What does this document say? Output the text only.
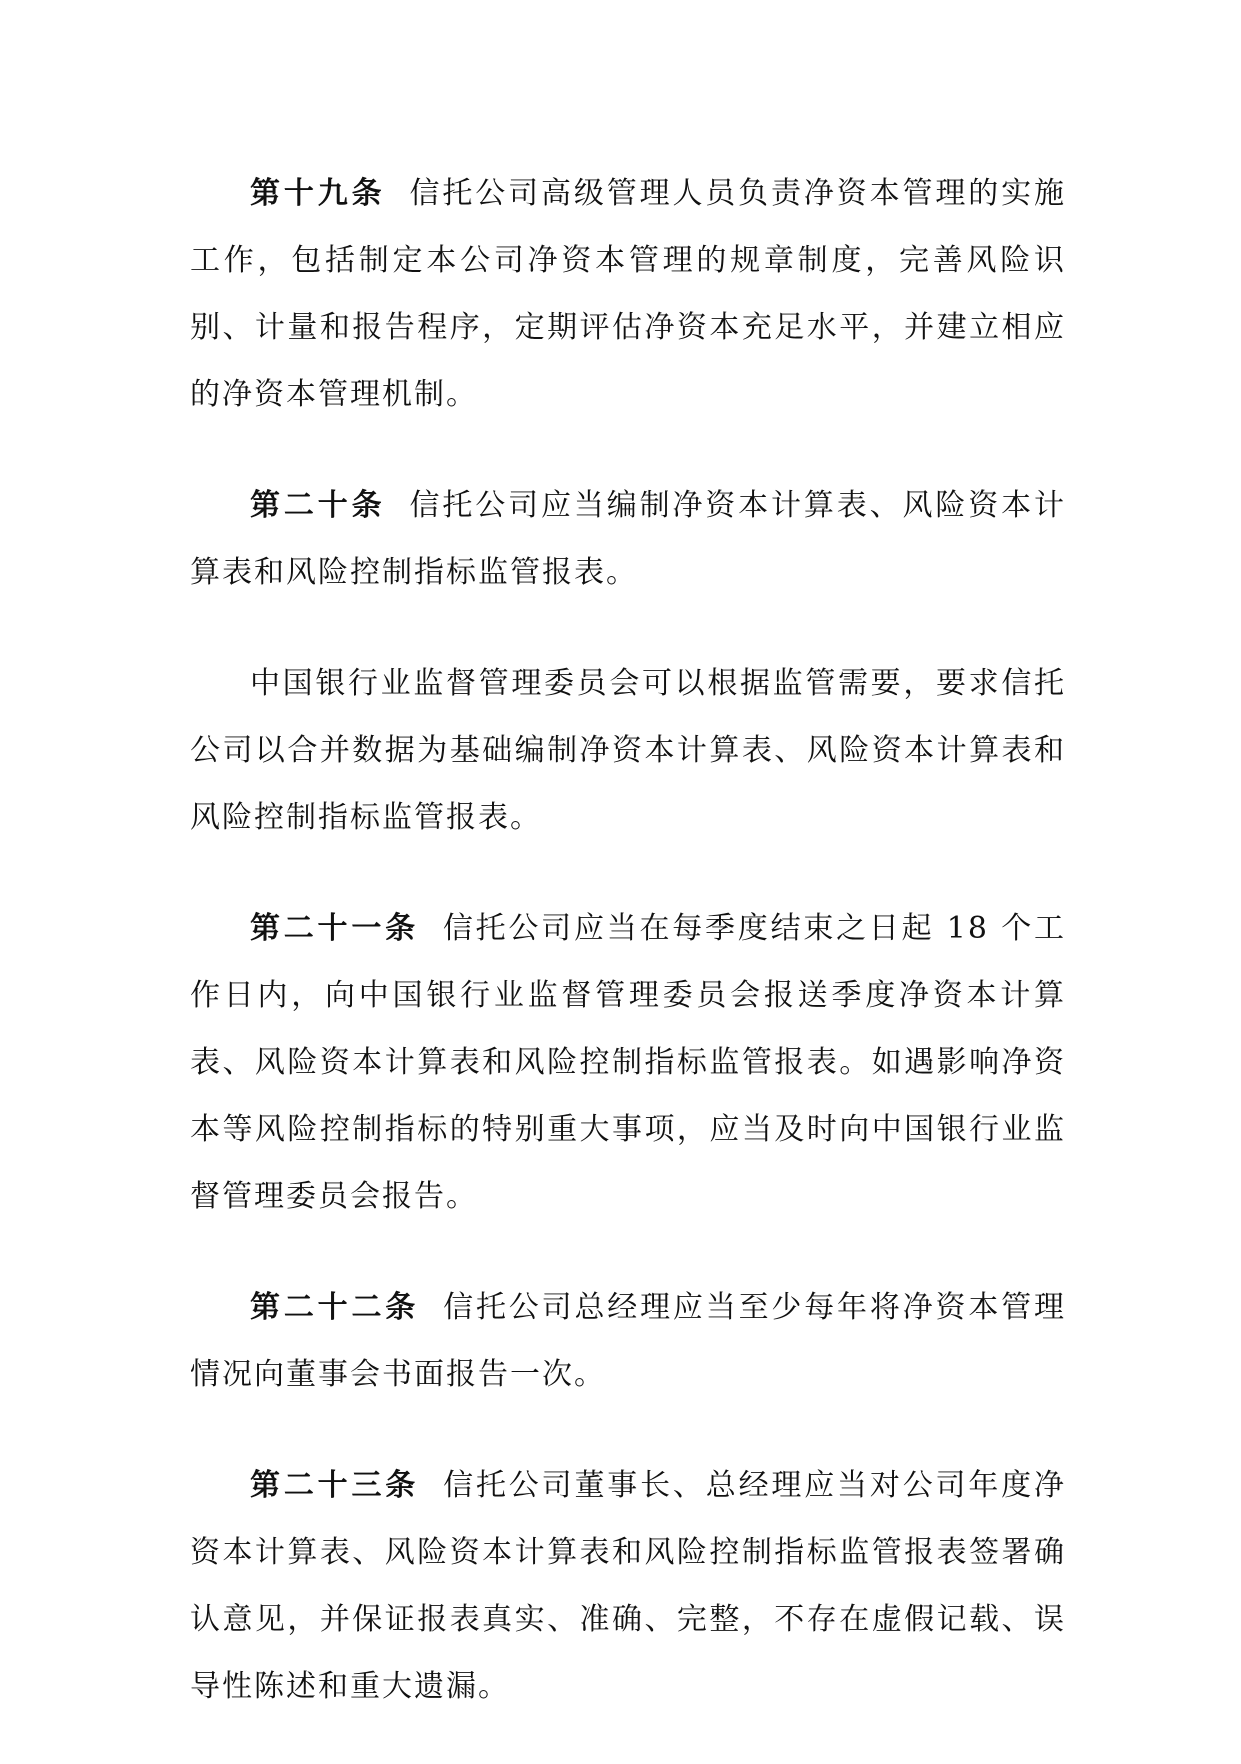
第十九条 信托公司高级管理人员负责净资本管理的实施工作，包括制定本公司净资本管理的规章制度，完善风险识别、计量和报告程序，定期评估净资本充足水平，并建立相应的净资本管理机制。

第二十条 信托公司应当编制净资本计算表、风险资本计算表和风险控制指标监管报表。

中国银行业监督管理委员会可以根据监管需要，要求信托公司以合并数据为基础编制净资本计算表、风险资本计算表和风险控制指标监管报表。

第二十一条 信托公司应当在每季度结束之日起 18 个工作日内，向中国银行业监督管理委员会报送季度净资本计算表、风险资本计算表和风险控制指标监管报表。如遇影响净资本等风险控制指标的特别重大事项，应当及时向中国银行业监督管理委员会报告。

第二十二条 信托公司总经理应当至少每年将净资本管理情况向董事会书面报告一次。

第二十三条 信托公司董事长、总经理应当对公司年度净资本计算表、风险资本计算表和风险控制指标监管报表签署确认意见，并保证报表真实、准确、完整，不存在虚假记载、误导性陈述和重大遗漏。
